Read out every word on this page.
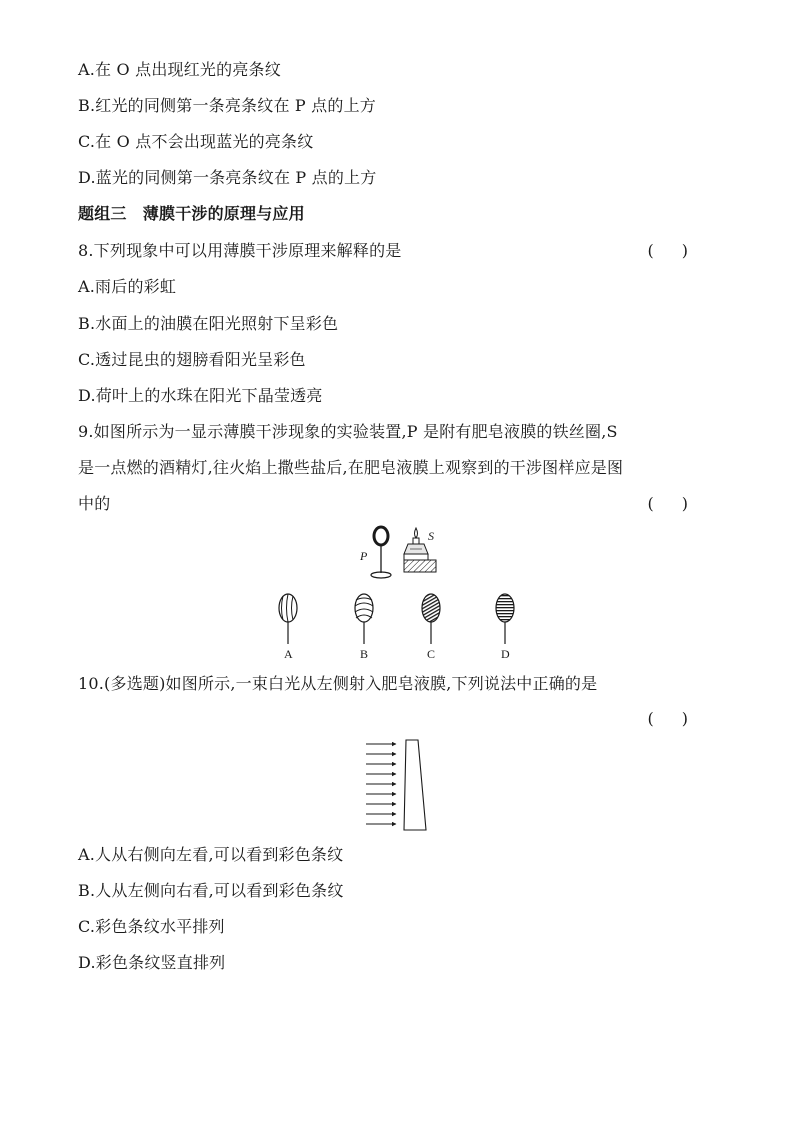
A.在 O 点出现红光的亮条纹
B.红光的同侧第一条亮条纹在 P 点的上方
C.在 O 点不会出现蓝光的亮条纹
D.蓝光的同侧第一条亮条纹在 P 点的上方
题组三　薄膜干涉的原理与应用
8.下列现象中可以用薄膜干涉原理来解释的是	()
A.雨后的彩虹
B.水面上的油膜在阳光照射下呈彩色
C.透过昆虫的翅膀看阳光呈彩色
D.荷叶上的水珠在阳光下晶莹透亮
9.如图所示为一显示薄膜干涉现象的实验装置,P 是附有肥皂液膜的铁丝圈,S
是一点燃的酒精灯,往火焰上撒些盐后,在肥皂液膜上观察到的干涉图样应是图
中的	()
P
S
A	B	C	D
10.(多选题)如图所示,一束白光从左侧射入肥皂液膜,下列说法中正确的是
()
A.人从右侧向左看,可以看到彩色条纹
B.人从左侧向右看,可以看到彩色条纹
C.彩色条纹水平排列
D.彩色条纹竖直排列
